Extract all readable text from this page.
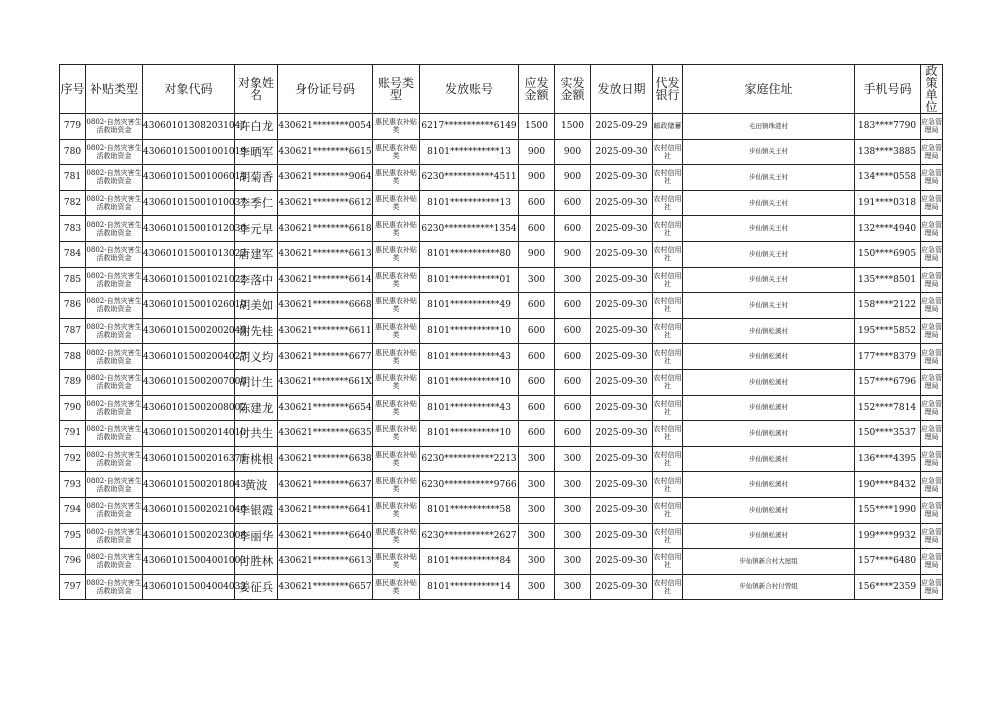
序号	补贴类型	对象代码	对象姓名	身份证号码	账号类型	发放账号	应发金额	实发金额	发放日期	代发银行	家庭住址	手机号码	政策单位
779	0802-自然灾害生活救助资金	430601013082031041	许白龙	430621********0054	惠民惠农补贴类	6217***********6149	1500	1500	2025-09-29	邮政储蓄	毛田镇珠港村	183****7790	应急管理局
780	0802-自然灾害生活救助资金	430601015001001019	李晒军	430621********6615	惠民惠农补贴类	8101***********13	900	900	2025-09-30	农村信用社	步仙镇关王村	138****3885	应急管理局
781	0802-自然灾害生活救助资金	430601015001006014	胡菊香	430621********9064	惠民惠农补贴类	6230***********4511	900	900	2025-09-30	农村信用社	步仙镇关王村	134****0558	应急管理局
782	0802-自然灾害生活救助资金	430601015001010037	李季仁	430621********6612	惠民惠农补贴类	8101***********13	600	600	2025-09-30	农村信用社	步仙镇关王村	191****0318	应急管理局
783	0802-自然灾害生活救助资金	430601015001012030	李元早	430621********6618	惠民惠农补贴类	6230***********1354	600	600	2025-09-30	农村信用社	步仙镇关王村	132****4940	应急管理局
784	0802-自然灾害生活救助资金	430601015001013022	唐建军	430621********6613	惠民惠农补贴类	8101***********80	900	900	2025-09-30	农村信用社	步仙镇关王村	150****6905	应急管理局
785	0802-自然灾害生活救助资金	430601015001021022	李落中	430621********6614	惠民惠农补贴类	8101***********01	300	300	2025-09-30	农村信用社	步仙镇关王村	135****8501	应急管理局
786	0802-自然灾害生活救助资金	430601015001026010	胡美如	430621********6668	惠民惠农补贴类	8101***********49	600	600	2025-09-30	农村信用社	步仙镇关王村	158****2122	应急管理局
787	0802-自然灾害生活救助资金	430601015002002049	谢先桂	430621********6611	惠民惠农补贴类	8101***********10	600	600	2025-09-30	农村信用社	步仙镇松溪村	195****5852	应急管理局
788	0802-自然灾害生活救助资金	430601015002004027	胡义均	430621********6677	惠民惠农补贴类	8101***********43	600	600	2025-09-30	农村信用社	步仙镇松溪村	177****8379	应急管理局
789	0802-自然灾害生活救助资金	430601015002007006	胡计生	430621********661X	惠民惠农补贴类	8101***********10	600	600	2025-09-30	农村信用社	步仙镇松溪村	157****6796	应急管理局
790	0802-自然灾害生活救助资金	430601015002008002	陈建龙	430621********6654	惠民惠农补贴类	8101***********43	600	600	2025-09-30	农村信用社	步仙镇松溪村	152****7814	应急管理局
791	0802-自然灾害生活救助资金	430601015002014010	付共生	430621********6635	惠民惠农补贴类	8101***********10	600	600	2025-09-30	农村信用社	步仙镇松溪村	150****3537	应急管理局
792	0802-自然灾害生活救助资金	430601015002016371	唐桃根	430621********6638	惠民惠农补贴类	6230***********2213	300	300	2025-09-30	农村信用社	步仙镇松溪村	136****4395	应急管理局
793	0802-自然灾害生活救助资金	430601015002018043	黄波	430621********6637	惠民惠农补贴类	6230***********9766	300	300	2025-09-30	农村信用社	步仙镇松溪村	190****8432	应急管理局
794	0802-自然灾害生活救助资金	430601015002021040	李银霞	430621********6641	惠民惠农补贴类	8101***********58	300	300	2025-09-30	农村信用社	步仙镇松溪村	155****1990	应急管理局
795	0802-自然灾害生活救助资金	430601015002023008	李丽华	430621********6640	惠民惠农补贴类	6230***********2627	300	300	2025-09-30	农村信用社	步仙镇松溪村	199****9932	应急管理局
796	0802-自然灾害生活救助资金	430601015004001003	付胜林	430621********6613	惠民惠农补贴类	8101***********84	300	300	2025-09-30	农村信用社	步仙镇新合村大屋组	157****6480	应急管理局
797	0802-自然灾害生活救助资金	430601015004004033	姜征兵	430621********6657	惠民惠农补贴类	8101***********14	300	300	2025-09-30	农村信用社	步仙镇新合村付曾组	156****2359	应急管理局
